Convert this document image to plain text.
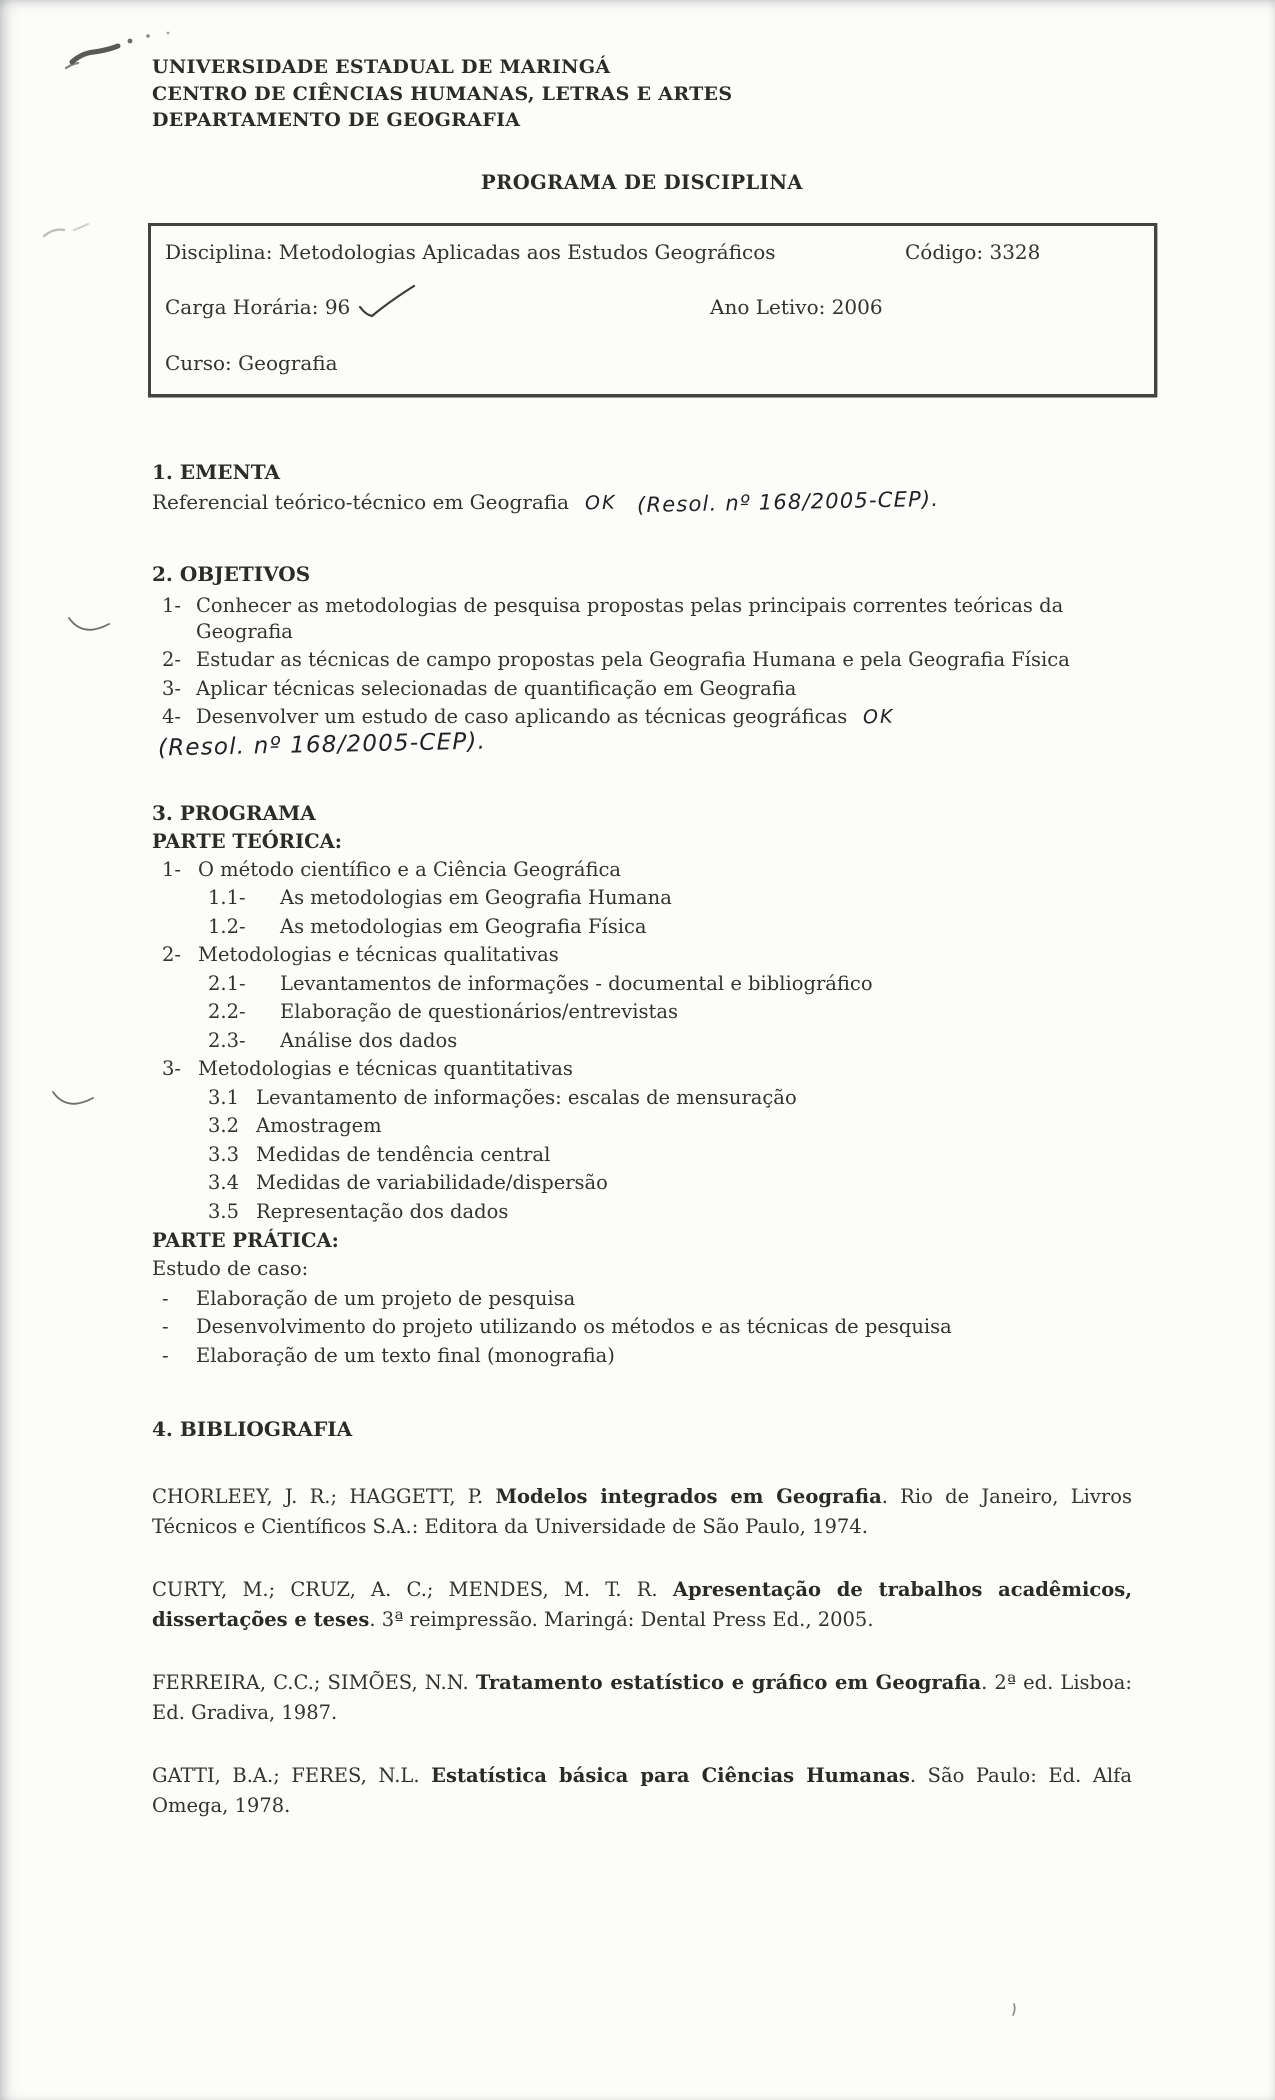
UNIVERSIDADE ESTADUAL DE MARINGÁ
CENTRO DE CIÊNCIAS HUMANAS, LETRAS E ARTES
DEPARTAMENTO DE GEOGRAFIA
PROGRAMA DE DISCIPLINA
Disciplina: Metodologias Aplicadas aos Estudos Geográficos	Código: 3328
Carga Horária: 96	Ano Letivo: 2006
Curso: Geografia
1. EMENTA
Referencial teórico-técnico em Geografia OK (Resol. nº 168/2005-CEP).
2. OBJETIVOS
1- Conhecer as metodologias de pesquisa propostas pelas principais correntes teóricas da Geografia
2- Estudar as técnicas de campo propostas pela Geografia Humana e pela Geografia Física
3- Aplicar técnicas selecionadas de quantificação em Geografia
4- Desenvolver um estudo de caso aplicando as técnicas geográficas OK
(Resol. nº 168/2005-CEP).
3. PROGRAMA
PARTE TEÓRICA:
1- O método científico e a Ciência Geográfica
1.1-	As metodologias em Geografia Humana
1.2-	As metodologias em Geografia Física
2- Metodologias e técnicas qualitativas
2.1-	Levantamentos de informações - documental e bibliográfico
2.2-	Elaboração de questionários/entrevistas
2.3-	Análise dos dados
3- Metodologias e técnicas quantitativas
3.1 Levantamento de informações: escalas de mensuração
3.2 Amostragem
3.3 Medidas de tendência central
3.4 Medidas de variabilidade/dispersão
3.5 Representação dos dados
PARTE PRÁTICA:
Estudo de caso:
-	Elaboração de um projeto de pesquisa
-	Desenvolvimento do projeto utilizando os métodos e as técnicas de pesquisa
-	Elaboração de um texto final (monografia)
4. BIBLIOGRAFIA

CHORLEEY, J. R.; HAGGETT, P. Modelos integrados em Geografia. Rio de Janeiro, Livros Técnicos e Científicos S.A.: Editora da Universidade de São Paulo, 1974.

CURTY, M.; CRUZ, A. C.; MENDES, M. T. R. Apresentação de trabalhos acadêmicos, dissertações e teses. 3ª reimpressão. Maringá: Dental Press Ed., 2005.

FERREIRA, C.C.; SIMÕES, N.N. Tratamento estatístico e gráfico em Geografia. 2ª ed. Lisboa: Ed. Gradiva, 1987.

GATTI, B.A.; FERES, N.L. Estatística básica para Ciências Humanas. São Paulo: Ed. Alfa Omega, 1978.
